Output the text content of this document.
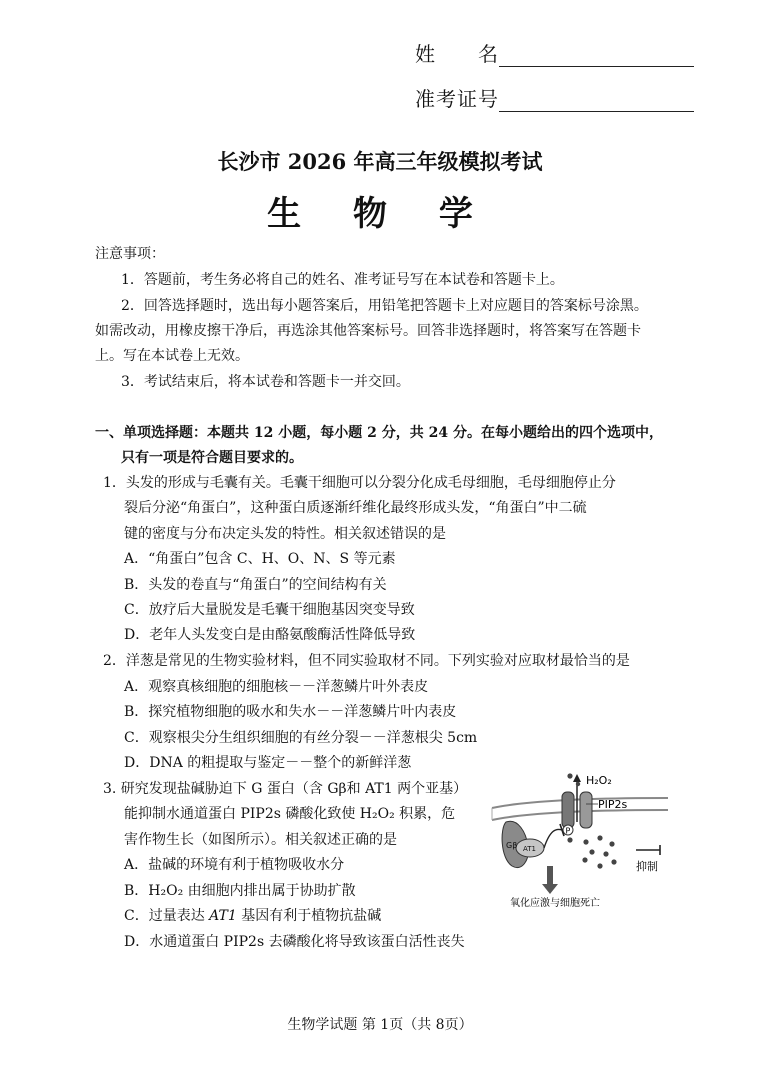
姓　　名
准考证号
长沙市 2026 年高三年级模拟考试
生 物 学
注意事项：
1．答题前，考生务必将自己的姓名、准考证号写在本试卷和答题卡上。
2．回答选择题时，选出每小题答案后，用铅笔把答题卡上对应题目的答案标号涂黑。
如需改动，用橡皮擦干净后，再选涂其他答案标号。回答非选择题时，将答案写在答题卡
上。写在本试卷上无效。
3．考试结束后，将本试卷和答题卡一并交回。
一、单项选择题：本题共 12 小题，每小题 2 分，共 24 分。在每小题给出的四个选项中，
只有一项是符合题目要求的。
1．头发的形成与毛囊有关。毛囊干细胞可以分裂分化成毛母细胞，毛母细胞停止分
裂后分泌“角蛋白”，这种蛋白质逐渐纤维化最终形成头发，“角蛋白”中二硫
键的密度与分布决定头发的特性。相关叙述错误的是
A．“角蛋白”包含 C、H、O、N、S 等元素
B．头发的卷直与“角蛋白”的空间结构有关
C．放疗后大量脱发是毛囊干细胞基因突变导致
D．老年人头发变白是由酪氨酸酶活性降低导致
2．洋葱是常见的生物实验材料，但不同实验取材不同。下列实验对应取材最恰当的是
A．观察真核细胞的细胞核－－洋葱鳞片叶外表皮
B．探究植物细胞的吸水和失水－－洋葱鳞片叶内表皮
C．观察根尖分生组织细胞的有丝分裂－－洋葱根尖 5cm
D．DNA 的粗提取与鉴定－－整个的新鲜洋葱
3. 研究发现盐碱胁迫下 G 蛋白（含 Gβ和 AT1 两个亚基）
能抑制水通道蛋白 PIP2s 磷酸化致使 H₂O₂ 积累，危
害作物生长（如图所示）。相关叙述正确的是
A．盐碱的环境有利于植物吸收水分
B．H₂O₂ 由细胞内排出属于协助扩散
C．过量表达 AT1 基因有利于植物抗盐碱
D．水通道蛋白 PIP2s 去磷酸化将导致该蛋白活性丧失
H₂O₂
PIP2s
P
Gβ AT1
抑制
氧化应激与细胞死亡
生物学试题 第 1页（共 8页）
